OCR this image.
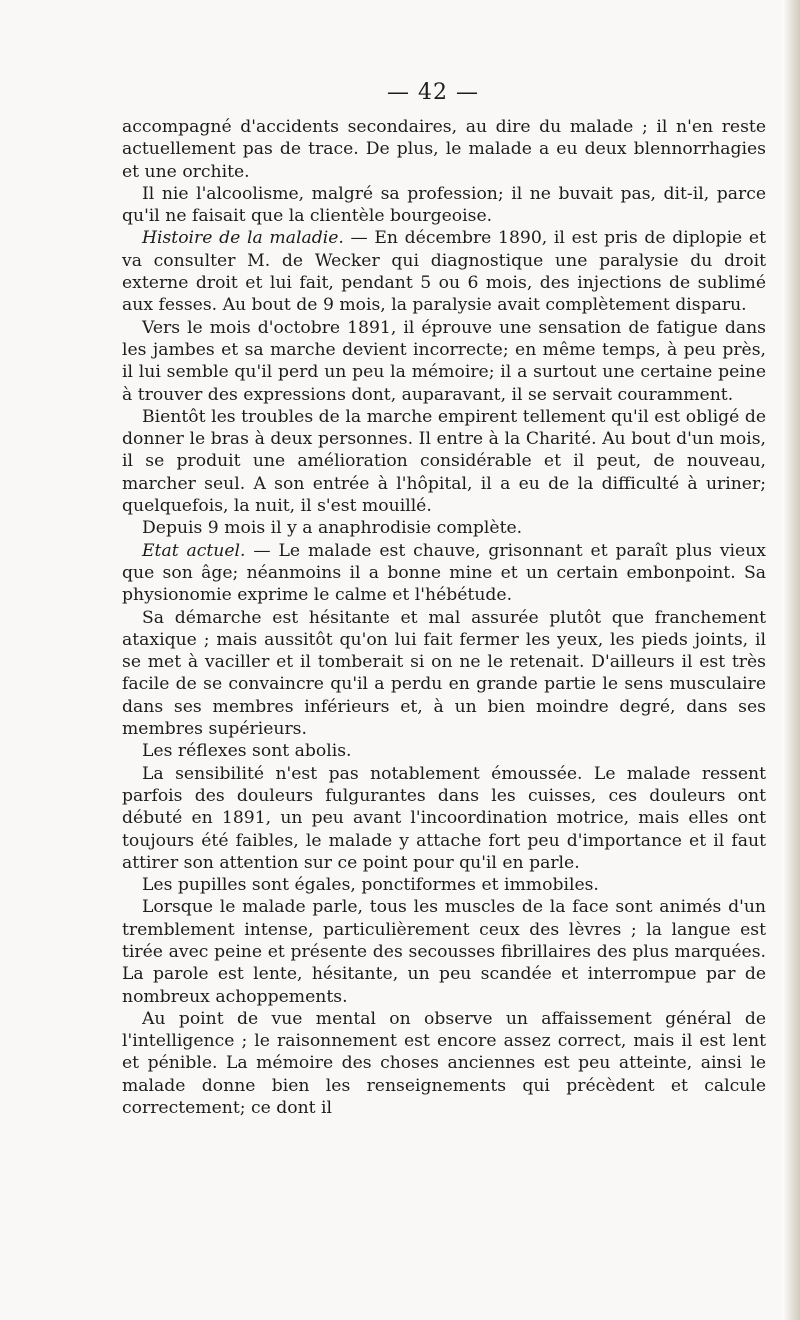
— 42 —

accompagné d'accidents secondaires, au dire du malade ; il n'en reste actuellement pas de trace. De plus, le malade a eu deux blennorrhagies et une orchite.

Il nie l'alcoolisme, malgré sa profession; il ne buvait pas, dit-il, parce qu'il ne faisait que la clientèle bourgeoise.

Histoire de la maladie. — En décembre 1890, il est pris de diplopie et va consulter M. de Wecker qui diagnostique une paralysie du droit externe droit et lui fait, pendant 5 ou 6 mois, des injections de sublimé aux fesses. Au bout de 9 mois, la paralysie avait complètement disparu.

Vers le mois d'octobre 1891, il éprouve une sensation de fatigue dans les jambes et sa marche devient incorrecte; en même temps, à peu près, il lui semble qu'il perd un peu la mémoire; il a surtout une certaine peine à trouver des expressions dont, auparavant, il se servait couramment.

Bientôt les troubles de la marche empirent tellement qu'il est obligé de donner le bras à deux personnes. Il entre à la Charité. Au bout d'un mois, il se produit une amélioration considérable et il peut, de nouveau, marcher seul. A son entrée à l'hôpital, il a eu de la difficulté à uriner; quelquefois, la nuit, il s'est mouillé.

Depuis 9 mois il y a anaphrodisie complète.

Etat actuel. — Le malade est chauve, grisonnant et paraît plus vieux que son âge; néanmoins il a bonne mine et un certain embonpoint. Sa physionomie exprime le calme et l'hébétude.

Sa démarche est hésitante et mal assurée plutôt que franchement ataxique ; mais aussitôt qu'on lui fait fermer les yeux, les pieds joints, il se met à vaciller et il tomberait si on ne le retenait. D'ailleurs il est très facile de se convaincre qu'il a perdu en grande partie le sens musculaire dans ses membres inférieurs et, à un bien moindre degré, dans ses membres supérieurs.

Les réflexes sont abolis.

La sensibilité n'est pas notablement émoussée. Le malade ressent parfois des douleurs fulgurantes dans les cuisses, ces douleurs ont débuté en 1891, un peu avant l'incoordination motrice, mais elles ont toujours été faibles, le malade y attache fort peu d'importance et il faut attirer son attention sur ce point pour qu'il en parle.

Les pupilles sont égales, ponctiformes et immobiles.

Lorsque le malade parle, tous les muscles de la face sont animés d'un tremblement intense, particulièrement ceux des lèvres ; la langue est tirée avec peine et présente des secousses fibrillaires des plus marquées. La parole est lente, hésitante, un peu scandée et interrompue par de nombreux achoppements.

Au point de vue mental on observe un affaissement général de l'intelligence ; le raisonnement est encore assez correct, mais il est lent et pénible. La mémoire des choses anciennes est peu atteinte, ainsi le malade donne bien les renseignements qui précèdent et calcule correctement; ce dont il
